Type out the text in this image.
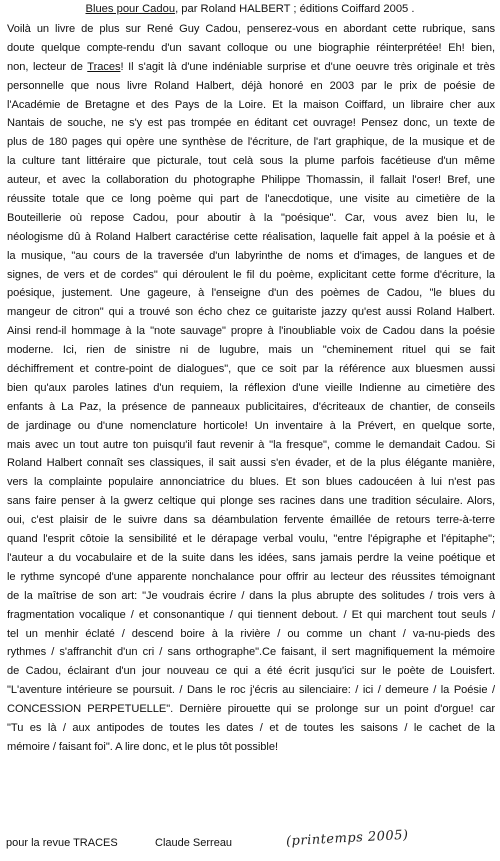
Blues pour Cadou, par Roland HALBERT ; éditions Coiffard 2005 .
Voilà un livre de plus sur René Guy Cadou, penserez-vous en abordant cette rubrique, sans
doute quelque compte-rendu d'un savant colloque ou une biographie réinterprétée! Eh! bien,
non, lecteur de Traces! Il s'agit là d'une indéniable surprise et d'une oeuvre très originale et très
personnelle que nous livre Roland Halbert, déjà honoré en 2003 par le prix de poésie de
l'Académie de Bretagne et des Pays de la Loire. Et la maison Coiffard, un libraire cher aux
Nantais de souche, ne s'y est pas trompée en éditant cet ouvrage! Pensez donc, un texte de
plus de 180 pages qui opère une synthèse de l'écriture, de l'art graphique, de la musique et de
la culture tant littéraire que picturale, tout celà sous la plume parfois facétieuse d'un même
auteur, et avec la collaboration du photographe Philippe Thomassin, il fallait l'oser! Bref, une
réussite totale que ce long poème qui part de l'anecdotique, une visite au cimetière de la
Bouteillerie où repose Cadou, pour aboutir à la "poésique". Car, vous avez bien lu, le
néologisme dû à Roland Halbert caractérise cette réalisation, laquelle fait appel à la poésie et à
la musique, "au cours de la traversée d'un labyrinthe de noms et d'images, de langues et de
signes, de vers et de cordes" qui déroulent le fil du poème, explicitant cette forme d'écriture, la
poésique, justement. Une gageure, à l'enseigne d'un des poèmes de Cadou, "le blues du
mangeur de citron" qui a trouvé son écho chez ce guitariste jazzy qu'est aussi Roland Halbert.
Ainsi rend-il hommage à la "note sauvage" propre à l'inoubliable voix de Cadou dans la poésie
moderne. Ici, rien de sinistre ni de lugubre, mais un "cheminement rituel qui se fait
déchiffrement et contre-point de dialogues", que ce soit par la référence aux bluesmen aussi
bien qu'aux paroles latines d'un requiem, la réflexion d'une vieille Indienne au cimetière des
enfants à La Paz, la présence de panneaux publicitaires, d'écriteaux de chantier, de conseils
de jardinage ou d'une nomenclature horticole! Un inventaire à la Prévert, en quelque sorte,
mais avec un tout autre ton puisqu'il faut revenir à "la fresque", comme le demandait Cadou. Si
Roland Halbert connaît ses classiques, il sait aussi s'en évader, et de la plus élégante manière,
vers la complainte populaire annonciatrice du blues. Et son blues cadoucéen à lui n'est pas
sans faire penser à la gwerz celtique qui plonge ses racines dans une tradition séculaire. Alors,
oui, c'est plaisir de le suivre dans sa déambulation fervente émaillée de retours terre-à-terre
quand l'esprit côtoie la sensibilité et le dérapage verbal voulu, "entre l'épigraphe et l'épitaphe";
l'auteur a du vocabulaire et de la suite dans les idées, sans jamais perdre la veine poétique et
le rythme syncopé d'une apparente nonchalance pour offrir au lecteur des réussites témoignant
de la maîtrise de son art: "Je voudrais écrire / dans la plus abrupte des solitudes / trois vers à
fragmentation vocalique / et consonantique / qui tiennent debout. / Et qui marchent tout seuls /
tel un menhir éclaté / descend boire à la rivière / ou comme un chant / va-nu-pieds des
rythmes / s'affranchit d'un cri / sans orthographe".Ce faisant, il sert magnifiquement la mémoire
de Cadou, éclairant d'un jour nouveau ce qui a été écrit jusqu'ici sur le poète de Louisfert.
"L'aventure intérieure se poursuit. / Dans le roc j'écris au silenciaire: / ici / demeure / la Poésie /
CONCESSION PERPETUELLE". Dernière pirouette qui se prolonge sur un point d'orgue! car
"Tu es là / aux antipodes de toutes les dates / et de toutes les saisons / le cachet de la
mémoire / faisant foi". A lire donc, et le plus tôt possible!
pour la revue TRACES	Claude Serreau	(printemps 2005)
